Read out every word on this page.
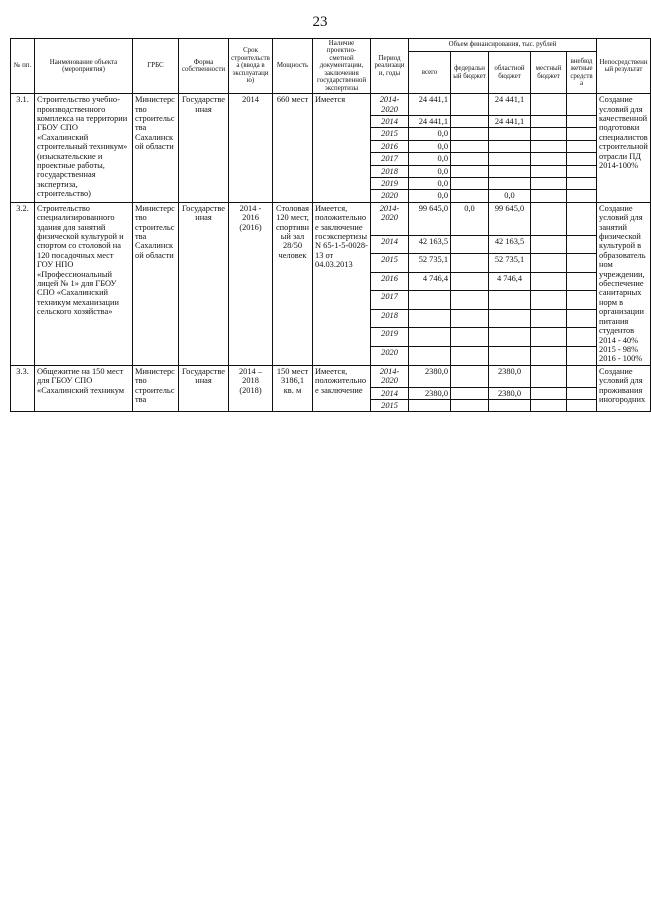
23
№ пп.	Наименование объекта (мероприятия)	ГРБС	Форма собственности	Срок строительства (ввода в эксплуатацию)	Мощность	Наличие проектно-сметной документации, заключения государственной экспертизы	Период реализации, годы	Объем финансирования, тыс. рублей					Непосредственный результат
								всего	федеральный бюджет	областной бюджет	местный бюджет	внебюджетные средства	
3.1.	Строительство учебно-производственного комплекса на территории ГБОУ СПО «Сахалинский строительный техникум» (изыскательские и проектные работы, государственная экспертиза, строительство)	Министерство строительства Сахалинской области	Государственная	2014	660 мест	Имеется	2014-2020	24 441,1		24 441,1			Создание условий для качественной подготовки специалистов строительной отрасли ПД 2014-100%
							2014	24 441,1		24 441,1			
							2015	0,0					
							2016	0,0					
							2017	0,0					
							2018	0,0					
							2019	0,0					
							2020	0,0		0,0			
3.2.	Строительство специализированного здания для занятий физической культурой и спортом со столовой на 120 посадочных мест ГОУ НПО «Профессиональный лицей № 1» для ГБОУ СПО «Сахалинский техникум механизации сельского хозяйства»	Министерство строительства Сахалинской области	Государственная	2014 - 2016 (2016)	Столовая 120 мест, спортивный зал 28/50 человек	Имеется, положительное заключение госэкспертизы N 65-1-5-0028-13 от 04.03.2013	2014-2020	99 645,0	0,0	99 645,0			Создание условий для занятий физической культурой в образовательном учреждении, обеспечение санитарных норм в организации питания студентов 2014 - 40% 2015 - 98% 2016 - 100%
							2014	42 163,5		42 163,5			
							2015	52 735,1		52 735,1			
							2016	4 746,4		4 746,4			
							2017						
							2018						
							2019						
							2020						
3.3.	Общежитие на 150 мест для ГБОУ СПО «Сахалинский техникум	Министерство строительства	Государственная	2014 – 2018 (2018)	150 мест 3186,1 кв. м	Имеется, положительное заключение	2014-2020	2380,0		2380,0			Создание условий для проживания иногородних
							2014	2380,0		2380,0			
							2015						
